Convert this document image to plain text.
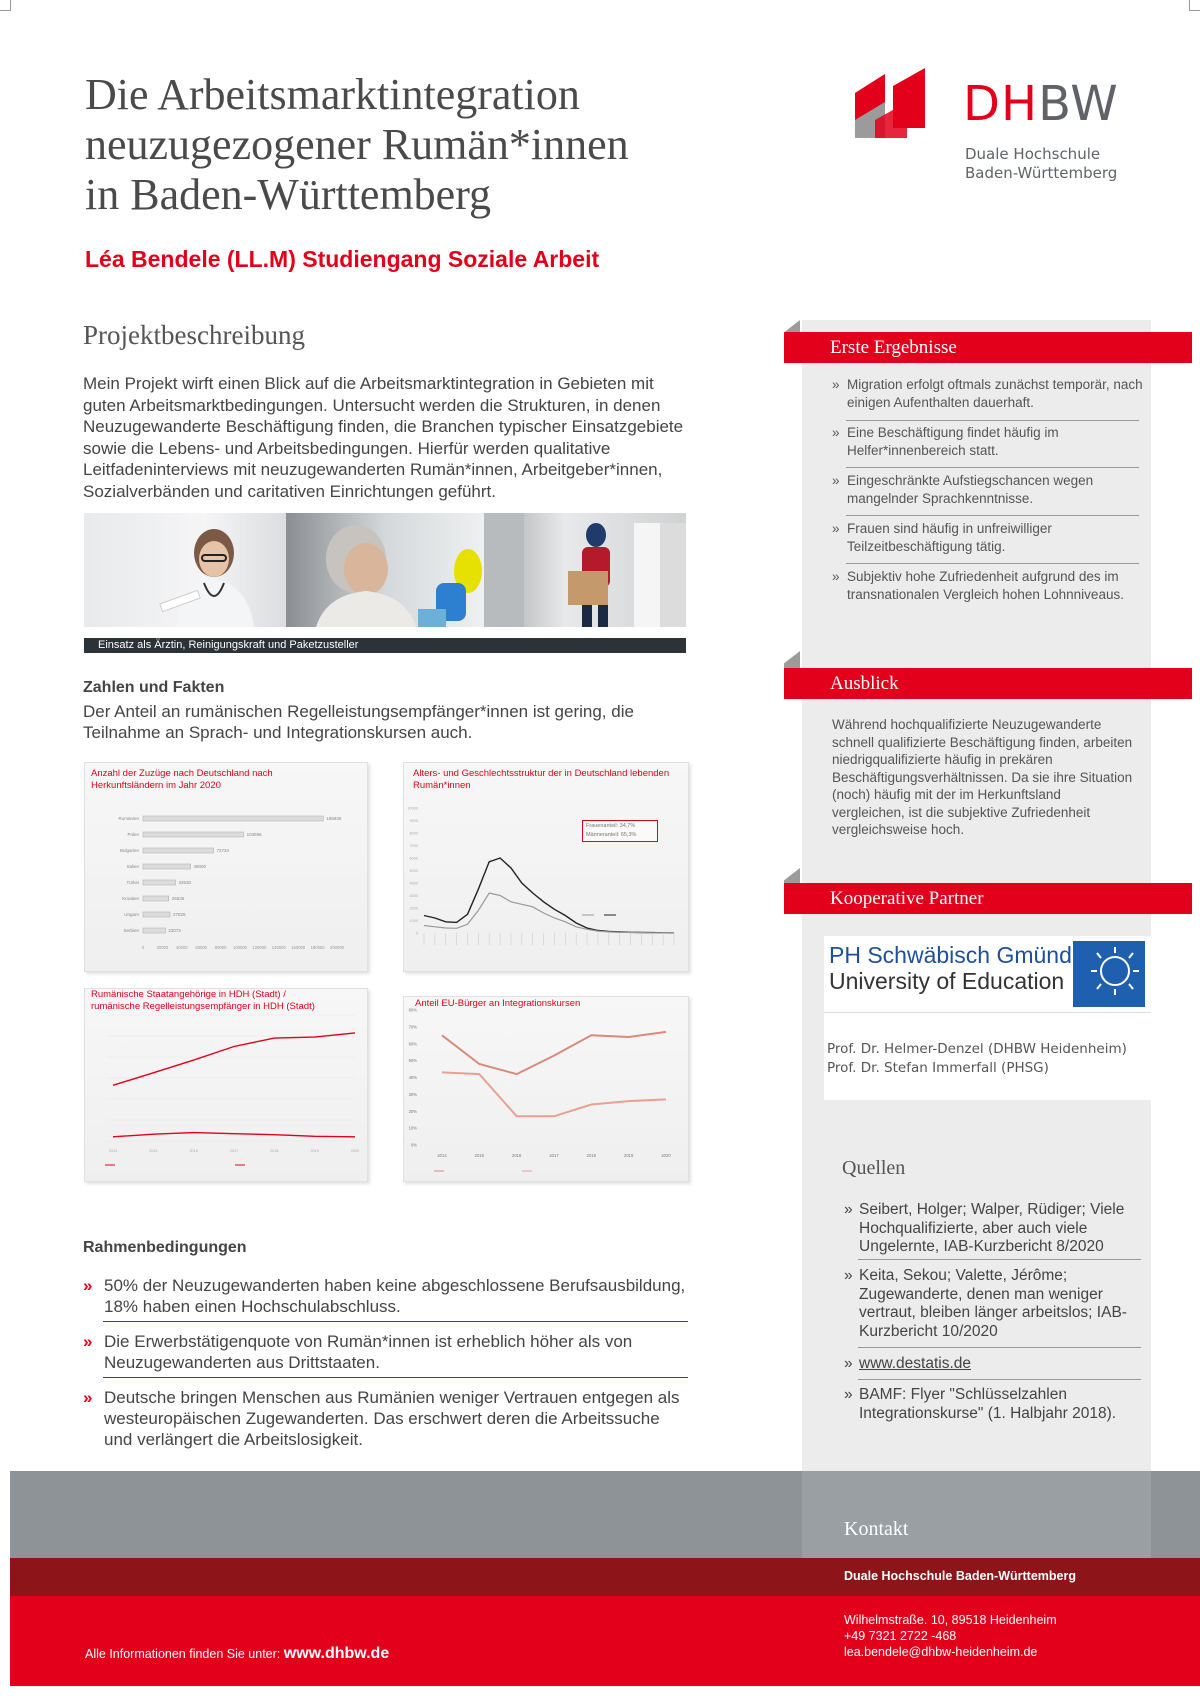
Die Arbeitsmarktintegration
neuzugezogener Rumän*innen
in Baden-Württemberg
Léa Bendele (LL.M) Studiengang Soziale Arbeit
DHBW
Duale Hochschule
Baden-Württemberg
Projektbeschreibung
Mein Projekt wirft einen Blick auf die Arbeitsmarktintegration in Gebieten mit guten Arbeitsmarktbedingungen. Untersucht werden die Strukturen, in denen Neuzugewanderte Beschäftigung finden, die Branchen typischer Einsatzgebiete sowie die Lebens- und Arbeitsbedingungen. Hierfür werden qualitative Leitfadeninterviews mit neuzugewanderten Rumän*innen, Arbeitgeber*innen, Sozialverbänden und caritativen Einrichtungen geführt.
Einsatz als Ärztin, Reinigungskraft und Paketzusteller
Zahlen und Fakten
Der Anteil an rumänischen Regelleistungsempfänger*innen ist gering, die Teilnahme an Sprach- und Integrationskursen auch.
Anzahl der Zuzüge nach Deutschland nach Herkunftsländern im Jahr 2020
Rumänien	185936
Polen	103696
Bulgarien	72734
Italien	49000
Türkei	33530
Kroatien	26536
Ungarn	27826
Serbien	23072
0	20000 40000 60000 80000 100000 120000 140000 160000 180000 200000
Alters- und Geschlechtsstruktur der in Deutschland lebenden Rumän*innen
0
1000
2000
3000
4000
5000
6000
7000
8000
9000
10000
Frauenanteil: 34,7%
Männeranteil: 65,3%
Rumänische Staatangehörige in HDH (Stadt) / rumänische Regelleistungsempfänger in HDH (Stadt)
2014	2015	2016	2017	2018	2019	2020
Anteil EU-Bürger an Integrationskursen
0%
10%
20%
30%
40%
50%
60%
70%
80%
2014	2015	2016	2017	2018	2019	2020
Rahmenbedingungen
» 50% der Neuzugewanderten haben keine abgeschlossene Berufsausbildung, 18% haben einen Hochschulabschluss.
» Die Erwerbstätigenquote von Rumän*innen ist erheblich höher als von Neuzugewanderten aus Drittstaaten.
» Deutsche bringen Menschen aus Rumänien weniger Vertrauen entgegen als westeuropäischen Zugewanderten. Das erschwert deren die Arbeitssuche und verlängert die Arbeitslosigkeit.
Erste Ergebnisse
» Migration erfolgt oftmals zunächst temporär, nach einigen Aufenthalten dauerhaft.
» Eine Beschäftigung findet häufig im Helfer*innenbereich statt.
» Eingeschränkte Aufstiegschancen wegen mangelnder Sprachkenntnisse.
» Frauen sind häufig in unfreiwilliger Teilzeitbeschäftigung tätig.
» Subjektiv hohe Zufriedenheit aufgrund des im transnationalen Vergleich hohen Lohnniveaus.
Ausblick
Während hochqualifizierte Neuzugewanderte schnell qualifizierte Beschäftigung finden, arbeiten niedrigqualifizierte häufig in prekären Beschäftigungsverhältnissen. Da sie ihre Situation (noch) häufig mit der im Herkunftsland vergleichen, ist die subjektive Zufriedenheit vergleichsweise hoch.
Kooperative Partner
PH Schwäbisch Gmünd
University of Education
Prof. Dr. Helmer-Denzel (DHBW Heidenheim)
Prof. Dr. Stefan Immerfall (PHSG)
Quellen
» Seibert, Holger; Walper, Rüdiger; Viele Hochqualifizierte, aber auch viele Ungelernte, IAB-Kurzbericht 8/2020
» Keita, Sekou; Valette, Jérôme; Zugewanderte, denen man weniger vertraut, bleiben länger arbeitslos; IAB-Kurzbericht 10/2020
» www.destatis.de
» BAMF: Flyer "Schlüsselzahlen Integrationskurse" (1. Halbjahr 2018).
Kontakt
Duale Hochschule Baden-Württemberg
Alle Informationen finden Sie unter: www.dhbw.de
Wilhelmstraße. 10, 89518 Heidenheim
+49 7321 2722 -468
lea.bendele@dhbw-heidenheim.de
